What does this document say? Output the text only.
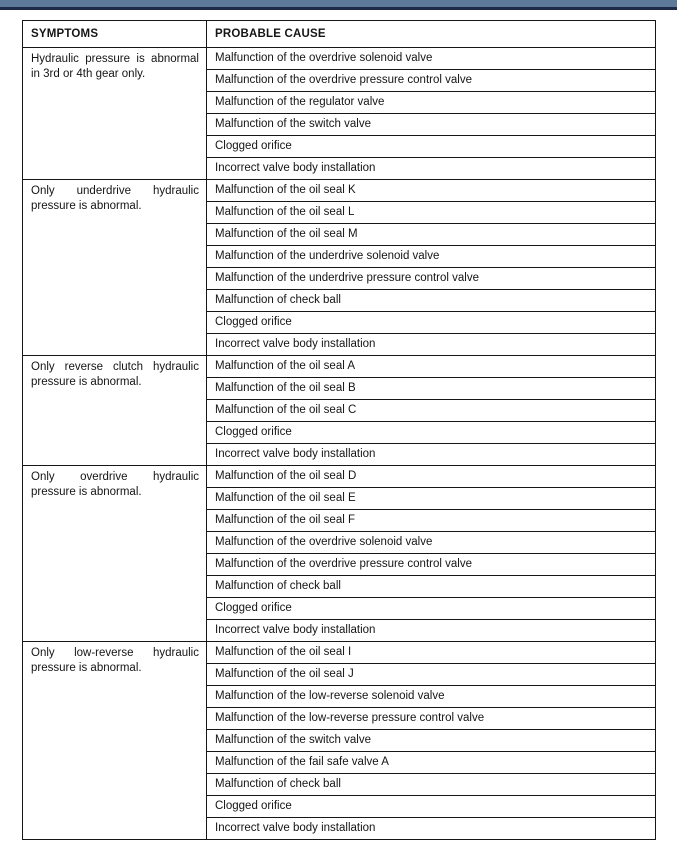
SYMPTOMS	PROBABLE CAUSE
Hydraulic pressure is abnormal in 3rd or 4th gear only.	Malfunction of the overdrive solenoid valve
	Malfunction of the overdrive pressure control valve
	Malfunction of the regulator valve
	Malfunction of the switch valve
	Clogged orifice
	Incorrect valve body installation
Only underdrive hydraulic pressure is abnormal.	Malfunction of the oil seal K
	Malfunction of the oil seal L
	Malfunction of the oil seal M
	Malfunction of the underdrive solenoid valve
	Malfunction of the underdrive pressure control valve
	Malfunction of check ball
	Clogged orifice
	Incorrect valve body installation
Only reverse clutch hydraulic pressure is abnormal.	Malfunction of the oil seal A
	Malfunction of the oil seal B
	Malfunction of the oil seal C
	Clogged orifice
	Incorrect valve body installation
Only overdrive hydraulic pressure is abnormal.	Malfunction of the oil seal D
	Malfunction of the oil seal E
	Malfunction of the oil seal F
	Malfunction of the overdrive solenoid valve
	Malfunction of the overdrive pressure control valve
	Malfunction of check ball
	Clogged orifice
	Incorrect valve body installation
Only low-reverse hydraulic pressure is abnormal.	Malfunction of the oil seal I
	Malfunction of the oil seal J
	Malfunction of the low-reverse solenoid valve
	Malfunction of the low-reverse pressure control valve
	Malfunction of the switch valve
	Malfunction of the fail safe valve A
	Malfunction of check ball
	Clogged orifice
	Incorrect valve body installation
